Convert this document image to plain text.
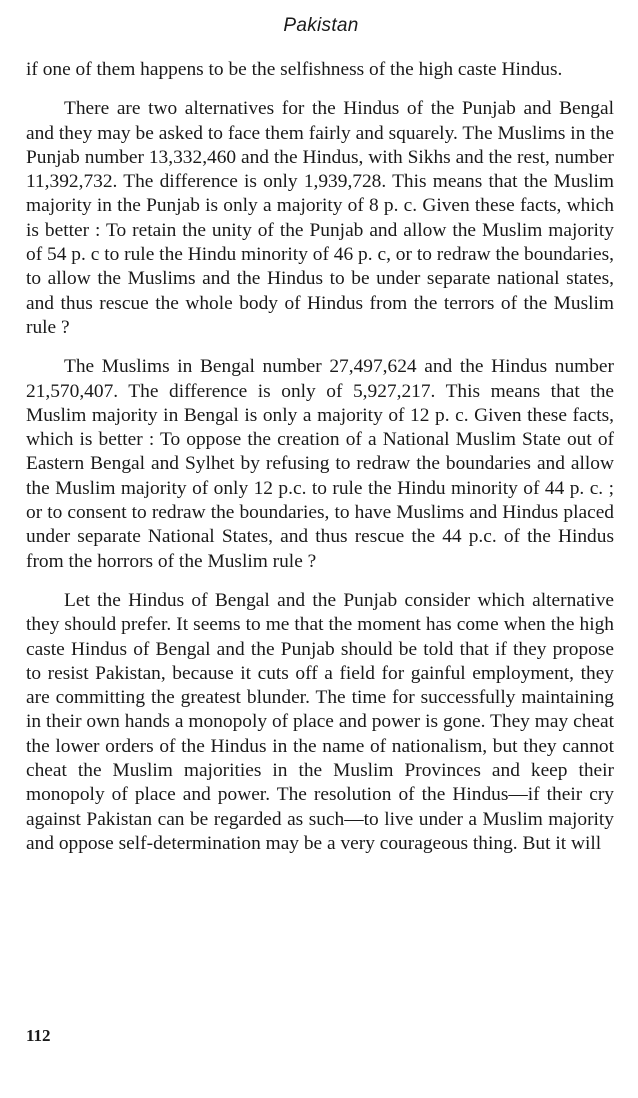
Pakistan

if one of them happens to be the selfishness of the high caste Hindus.

There are two alternatives for the Hindus of the Punjab and Bengal and they may be asked to face them fairly and squarely. The Muslims in the Punjab number 13,332,460 and the Hindus, with Sikhs and the rest, number 11,392,732. The difference is only 1,939,728. This means that the Muslim majority in the Punjab is only a majority of 8 p. c. Given these facts, which is better : To retain the unity of the Punjab and allow the Muslim majority of 54 p. c to rule the Hindu minority of 46 p. c, or to redraw the boundaries, to allow the Muslims and the Hindus to be under separate national states, and thus rescue the whole body of Hindus from the terrors of the Muslim rule ?

The Muslims in Bengal number 27,497,624 and the Hindus number 21,570,407. The difference is only of 5,927,217. This means that the Muslim majority in Bengal is only a majority of 12 p. c. Given these facts, which is better : To oppose the creation of a National Muslim State out of Eastern Bengal and Sylhet by refusing to redraw the boundaries and allow the Muslim majority of only 12 p.c. to rule the Hindu minority of 44 p. c. ; or to consent to redraw the boundaries, to have Muslims and Hindus placed under separate National States, and thus rescue the 44 p.c. of the Hindus from the horrors of the Muslim rule ?

Let the Hindus of Bengal and the Punjab consider which alternative they should prefer. It seems to me that the moment has come when the high caste Hindus of Bengal and the Punjab should be told that if they propose to resist Pakistan, because it cuts off a field for gainful employment, they are committing the greatest blunder. The time for successfully maintaining in their own hands a monopoly of place and power is gone. They may cheat the lower orders of the Hindus in the name of nationalism, but they cannot cheat the Muslim majorities in the Muslim Provinces and keep their monopoly of place and power. The resolution of the Hindus—if their cry against Pakistan can be regarded as such—to live under a Muslim majority and oppose self-determination may be a very courageous thing. But it will

112
